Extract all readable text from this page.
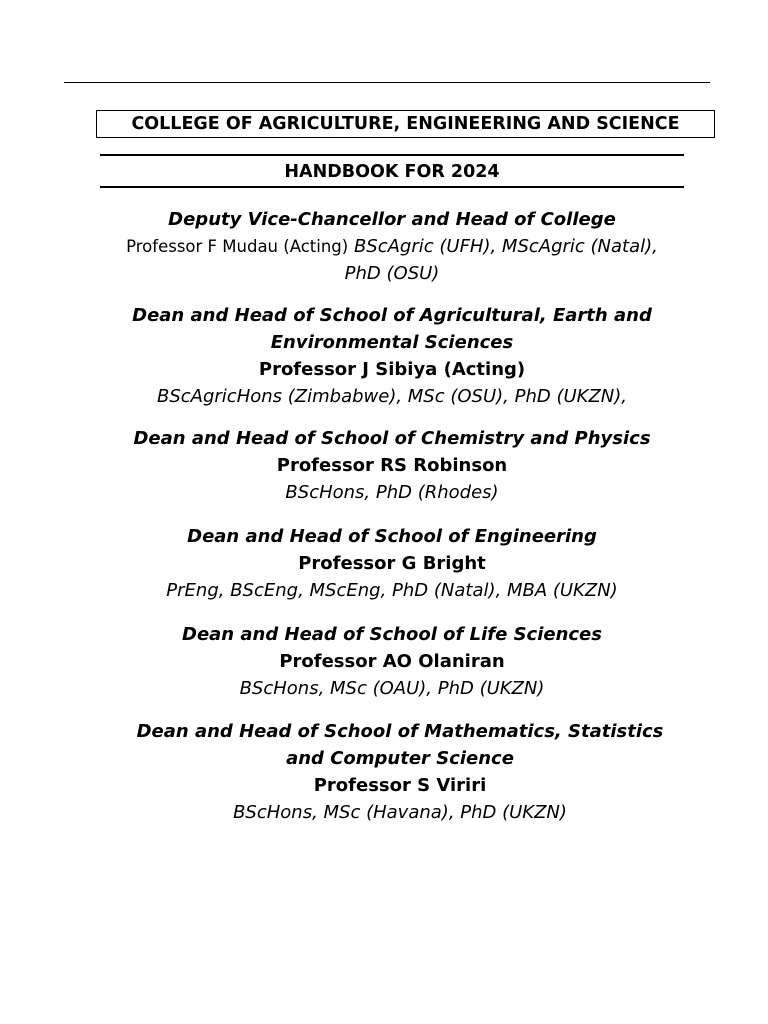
COLLEGE OF AGRICULTURE, ENGINEERING AND SCIENCE
HANDBOOK FOR 2024
Deputy Vice-Chancellor and Head of College
Professor F Mudau (Acting) BScAgric (UFH), MScAgric (Natal),
PhD (OSU)
Dean and Head of School of Agricultural, Earth and
Environmental Sciences
Professor J Sibiya (Acting)
BScAgricHons (Zimbabwe), MSc (OSU), PhD (UKZN),
Dean and Head of School of Chemistry and Physics
Professor RS Robinson
BScHons, PhD (Rhodes)
Dean and Head of School of Engineering
Professor G Bright
PrEng, BScEng, MScEng, PhD (Natal), MBA (UKZN)
Dean and Head of School of Life Sciences
Professor AO Olaniran
BScHons, MSc (OAU), PhD (UKZN)
Dean and Head of School of Mathematics, Statistics
and Computer Science
Professor S Viriri
BScHons, MSc (Havana), PhD (UKZN)
